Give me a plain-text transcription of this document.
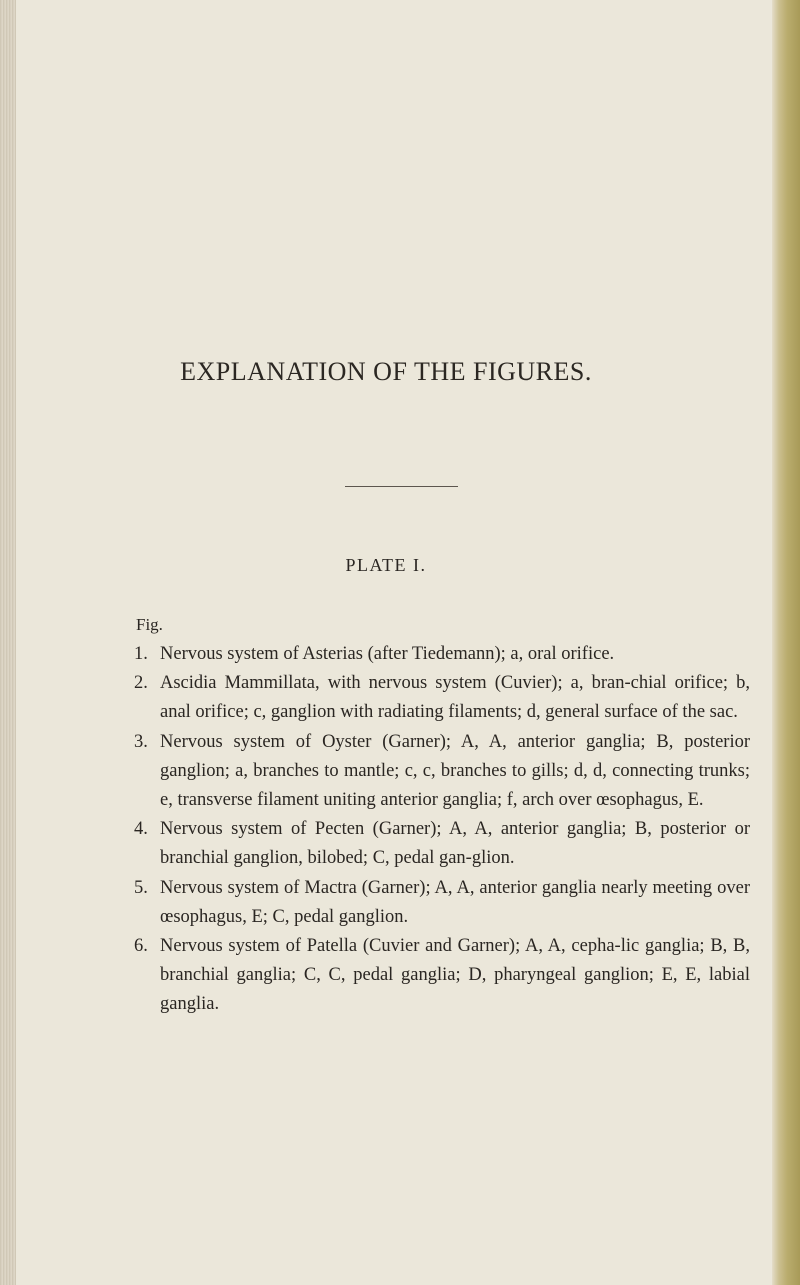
EXPLANATION OF THE FIGURES.
PLATE I.
Fig.
1. Nervous system of Asterias (after Tiedemann); a, oral orifice.
2. Ascidia Mammillata, with nervous system (Cuvier); a, bran-chial orifice; b, anal orifice; c, ganglion with radiating filaments; d, general surface of the sac.
3. Nervous system of Oyster (Garner); A, A, anterior ganglia; B, posterior ganglion; a, branches to mantle; c, c, branches to gills; d, d, connecting trunks; e, transverse filament uniting anterior ganglia; f, arch over œsophagus, E.
4. Nervous system of Pecten (Garner); A, A, anterior ganglia; B, posterior or branchial ganglion, bilobed; C, pedal gan-glion.
5. Nervous system of Mactra (Garner); A, A, anterior ganglia nearly meeting over œsophagus, E; C, pedal ganglion.
6. Nervous system of Patella (Cuvier and Garner); A, A, cepha-lic ganglia; B, B, branchial ganglia; C, C, pedal ganglia; D, pharyngeal ganglion; E, E, labial ganglia.
